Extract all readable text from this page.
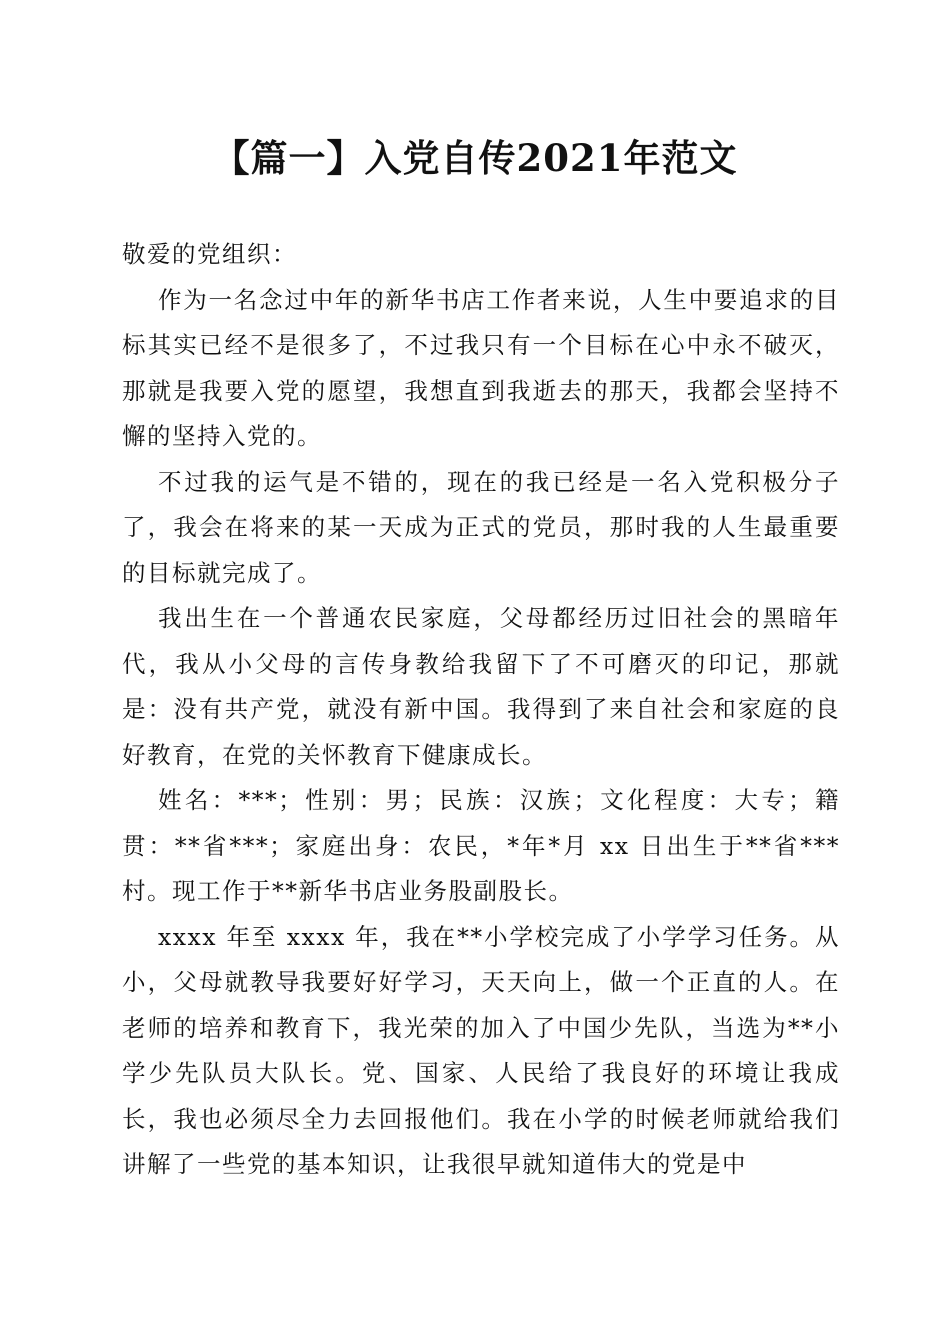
【篇一】入党自传2021年范文

敬爱的党组织：

作为一名念过中年的新华书店工作者来说，人生中要追求的目标其实已经不是很多了，不过我只有一个目标在心中永不破灭，那就是我要入党的愿望，我想直到我逝去的那天，我都会坚持不懈的坚持入党的。

不过我的运气是不错的，现在的我已经是一名入党积极分子了，我会在将来的某一天成为正式的党员，那时我的人生最重要的目标就完成了。

我出生在一个普通农民家庭，父母都经历过旧社会的黑暗年代，我从小父母的言传身教给我留下了不可磨灭的印记，那就是：没有共产党，就没有新中国。我得到了来自社会和家庭的良好教育，在党的关怀教育下健康成长。

姓名：***；性别：男；民族：汉族；文化程度：大专；籍贯：**省***；家庭出身：农民，*年*月 xx 日出生于**省***村。现工作于**新华书店业务股副股长。

xxxx 年至 xxxx 年，我在**小学校完成了小学学习任务。从小，父母就教导我要好好学习，天天向上，做一个正直的人。在老师的培养和教育下，我光荣的加入了中国少先队，当选为**小学少先队员大队长。党、国家、人民给了我良好的环境让我成长，我也必须尽全力去回报他们。我在小学的时候老师就给我们讲解了一些党的基本知识，让我很早就知道伟大的党是中
